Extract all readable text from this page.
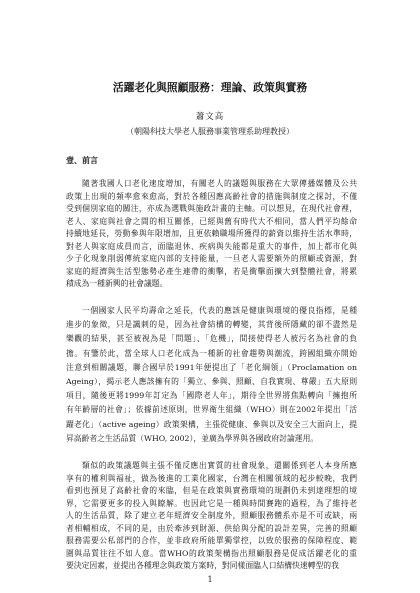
活躍老化與照顧服務：理論、政策與實務
蕭文高
（朝陽科技大學老人服務事業管理系助理教授）
壹、前言
隨著我國人口老化速度增加，有關老人的議題與服務在大眾傳播媒體及公共
政策上出現的頻率愈來愈高，對於各種因應高齡社會的措施與制度之探討，不僅
受到個別家庭的關注，亦成為選戰與施政計畫的主軸。可以想見，在現代社會裡，
老人、家庭與社會之間的相互關係，已經與舊有時代大不相同，當人們平均餘命
持續地延長，勞動參與年限增加，且更依賴職場所獲得的薪資以維持生活水準時，
對老人與家庭成員而言，面臨退休、疾病與失能都是重大的事件，加上都市化與
少子化現象削弱傳統家庭內部的支持能量，一旦老人需要額外的照顧或資源，對
家庭的經濟與生活型態勢必產生連帶的衝擊，若是衝擊面擴大到整體社會，將累
積成為一種新興的社會議題。
一個國家人民平均壽命之延長，代表的應該是健康與環境的優良指標，是種
進步的象徵，只是諷刺的是，因為社會結構的轉變，其背後所隱藏的卻不盡然是
樂觀的結果，甚至被視為是「問題」、「危機」，間接使得老人被污名為社會的負
擔。有鑒於此，當全球人口老化成為一種新的社會趨勢與潮流，跨國組織亦開始
注意到相關議題，聯合國早於1991年便提出了「老化綱領」（Proclamation on
Ageing），揭示老人應該擁有的「獨立、參與、照顧、自我實現、尊嚴」五大原則
項目，隨後更將1999年訂定為「國際老人年」，期待全世界將焦點轉向「擁抱所
有年齡層的社會」；依據前述原則，世界衛生組織（WHO）則在2002年提出「活
躍老化」（active ageing）政策架構，主張從健康、參與以及安全三大面向上，提
昇高齡者之生活品質（WHO, 2002），並廣為學界與各國政府討論運用。
類似的政策議題與主張不僅反應出實質的社會現象，還關係到老人本身所應
享有的權利與福祉，做為後進的工業化國家，台灣在相關領域的起步較晚，我們
看到也預見了高齡社會的來臨，但是在政策與實務環境的規劃仍未到達理想的境
界，它需要更多的投入與瞭解。也因此它是一種與時間賽跑的過程，為了維持老
人的生活品質，除了建立老年經濟安全制度外，照顧服務體系亦是不可或缺，兩
者相輔相成，不同的是，由於牽涉到財源、供給與分配的設計差異，完善的照顧
服務需要公私部門的合作，並非政府所能單獨掌控，以致於服務的保障程度、範
圍與品質往往不如人意。當WHO的政策架構指出照顧服務是促成活躍老化的重
要決定因素，並提出各種理念與政策方案時，對同樣面臨人口結構快速轉型的我
1
